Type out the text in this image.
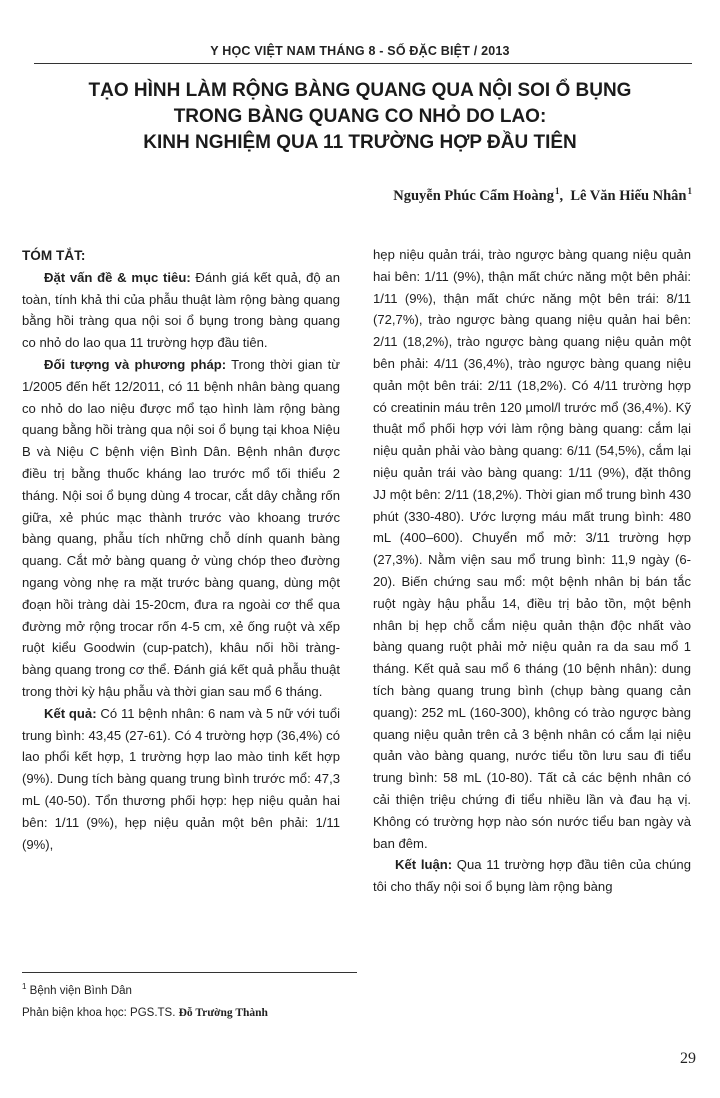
Y HỌC VIỆT NAM THÁNG 8 - SỐ ĐẶC BIỆT / 2013
TẠO HÌNH LÀM RỘNG BÀNG QUANG QUA NỘI SOI Ổ BỤNG
TRONG BÀNG QUANG CO NHỎ DO LAO:
KINH NGHIỆM QUA 11 TRƯỜNG HỢP ĐẦU TIÊN
Nguyễn Phúc Cẩm Hoàng$^1$, Lê Văn Hiếu Nhân$^1$

TÓM TẮT:

Đặt vấn đề & mục tiêu: Đánh giá kết quả, độ an toàn, tính khả thi của phẫu thuật làm rộng bàng quang bằng hồi tràng qua nội soi ổ bụng trong bàng quang co nhỏ do lao qua 11 trường hợp đầu tiên.

Đối tượng và phương pháp: Trong thời gian từ 1/2005 đến hết 12/2011, có 11 bệnh nhân bàng quang co nhỏ do lao niệu được mổ tạo hình làm rộng bàng quang bằng hồi tràng qua nội soi ổ bụng tại khoa Niệu B và Niệu C bệnh viện Bình Dân. Bệnh nhân được điều trị bằng thuốc kháng lao trước mổ tối thiểu 2 tháng. Nội soi ổ bụng dùng 4 trocar, cắt dây chằng rốn giữa, xẻ phúc mạc thành trước vào khoang trước bàng quang, phẫu tích những chỗ dính quanh bàng quang. Cắt mở bàng quang ở vùng chóp theo đường ngang vòng nhẹ ra mặt trước bàng quang, dùng một đoạn hồi tràng dài 15-20cm, đưa ra ngoài cơ thể qua đường mở rộng trocar rốn 4-5 cm, xẻ ống ruột và xếp ruột kiểu Goodwin (cup-patch), khâu nối hồi tràng-bàng quang trong cơ thể. Đánh giá kết quả phẫu thuật trong thời kỳ hậu phẫu và thời gian sau mổ 6 tháng.

Kết quả: Có 11 bệnh nhân: 6 nam và 5 nữ với tuổi trung bình: 43,45 (27-61). Có 4 trường hợp (36,4%) có lao phổi kết hợp, 1 trường hợp lao mào tinh kết hợp (9%). Dung tích bàng quang trung bình trước mổ: 47,3 mL (40-50). Tổn thương phối hợp: hẹp niệu quản hai bên: 1/11 (9%), hẹp niệu quản một bên phải: 1/11 (9%),

hẹp niệu quản trái, trào ngược bàng quang niệu quản hai bên: 1/11 (9%), thận mất chức năng một bên phải: 1/11 (9%), thận mất chức năng một bên trái: 8/11 (72,7%), trào ngược bàng quang niệu quản hai bên: 2/11 (18,2%), trào ngược bàng quang niệu quản một bên phải: 4/11 (36,4%), trào ngược bàng quang niệu quản một bên trái: 2/11 (18,2%). Có 4/11 trường hợp có creatinin máu trên 120 µmol/l trước mổ (36,4%). Kỹ thuật mổ phối hợp với làm rộng bàng quang: cắm lại niệu quản phải vào bàng quang: 6/11 (54,5%), cắm lại niệu quản trái vào bàng quang: 1/11 (9%), đặt thông JJ một bên: 2/11 (18,2%). Thời gian mổ trung bình 430 phút (330-480). Ước lượng máu mất trung bình: 480 mL (400–600). Chuyển mổ mở: 3/11 trường hợp (27,3%). Nằm viện sau mổ trung bình: 11,9 ngày (6-20). Biến chứng sau mổ: một bệnh nhân bị bán tắc ruột ngày hậu phẫu 14, điều trị bảo tồn, một bệnh nhân bị hẹp chỗ cắm niệu quản thận độc nhất vào bàng quang ruột phải mở niệu quản ra da sau mổ 1 tháng. Kết quả sau mổ 6 tháng (10 bệnh nhân): dung tích bàng quang trung bình (chụp bàng quang cản quang): 252 mL (160-300), không có trào ngược bàng quang niệu quản trên cả 3 bệnh nhân có cắm lại niệu quản vào bàng quang, nước tiểu tồn lưu sau đi tiểu trung bình: 58 mL (10-80). Tất cả các bệnh nhân có cải thiện triệu chứng đi tiểu nhiều lần và đau hạ vị. Không có trường hợp nào són nước tiểu ban ngày và ban đêm.

Kết luận: Qua 11 trường hợp đầu tiên của chúng tôi cho thấy nội soi ổ bụng làm rộng bàng

$^1$ Bệnh viện Bình Dân
Phản biện khoa học: PGS.TS. Đỗ Trường Thành
29
